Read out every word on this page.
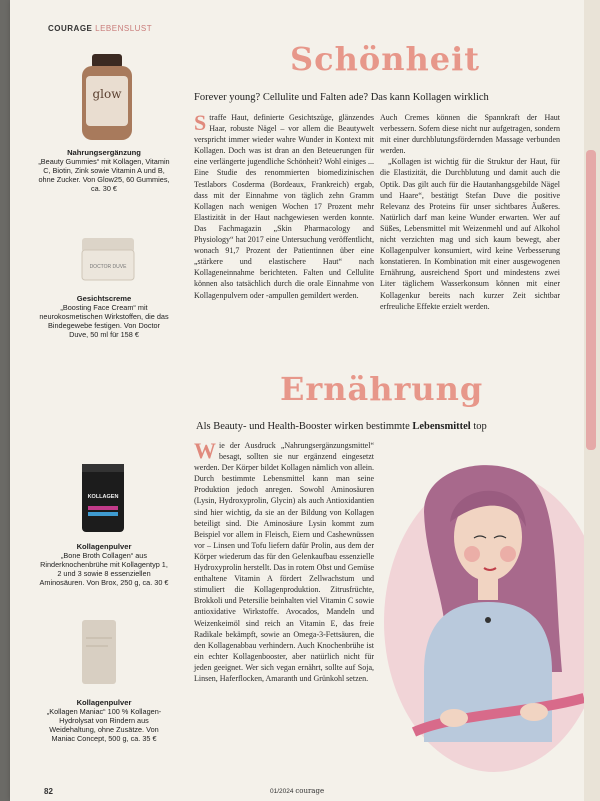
COURAGE LEBENSLUST
Schönheit
Forever young? Cellulite und Falten ade? Das kann Kollagen wirklich
S traffe Haut, definierte Gesichtszüge, glänzendes Haar, robuste Nägel – vor allem die Beautywelt verspricht immer wieder wahre Wunder in Kontext mit Kollagen. Doch was ist dran an den Beteuerungen für eine verlängerte jugendliche Schönheit? Wohl einiges ... Eine Studie des renommierten biomedizinischen Testlabors Cosderma (Bordeaux, Frankreich) ergab, dass mit der Einnahme von täglich zehn Gramm Kollagen nach wenigen Wochen 17 Prozent mehr Elastizität in der Haut nachgewiesen werden konnte. Das Fachmagazin „Skin Pharmacology and Physiology“ hat 2017 eine Untersuchung veröffentlicht, wonach 91,7 Prozent der Patientinnen über eine „stärkere und elastischere Haut“ nach Kollageneinnahme berichteten. Falten und Cellulite können also tatsächlich durch die orale Einnahme von Kollagenpulvern oder -ampullen gemildert werden.
Auch Cremes können die Spannkraft der Haut verbessern. Sofern diese nicht nur aufgetragen, sondern mit einer durchblutungsfördernden Massage verbunden werden.
„Kollagen ist wichtig für die Struktur der Haut, für die Elastizität, die Durchblutung und damit auch die Optik. Das gilt auch für die Hautanhangsgebilde Nägel und Haare“, bestätigt Stefan Duve die positive Relevanz des Proteins für unser sichtbares Äußeres. Natürlich darf man keine Wunder erwarten. Wer auf Süßes, Lebensmittel mit Weizenmehl und auf Alkohol nicht verzichten mag und sich kaum bewegt, aber Kollagenpulver konsumiert, wird keine Verbesserung konstatieren. In Kombination mit einer ausgewogenen Ernährung, ausreichend Sport und mindestens zwei Liter täglichem Wasserkonsum können mit einer Kollagenkur bereits nach kurzer Zeit sichtbar erfreuliche Effekte erzielt werden.
Ernährung
Als Beauty- und Health-Booster wirken bestimmte Lebensmittel top
W ie der Ausdruck „Nahrungsergänzungsmittel“ besagt, sollten sie nur ergänzend eingesetzt werden. Der Körper bildet Kollagen nämlich von allein. Durch bestimmte Lebensmittel kann man seine Produktion jedoch anregen. Sowohl Aminosäuren (Lysin, Hydroxyprolin, Glycin) als auch Antioxidantien sind hier wichtig, da sie an der Bildung von Kollagen beteiligt sind. Die Aminosäure Lysin kommt zum Beispiel vor allem in Fleisch, Eiern und Cashewnüssen vor – Linsen und Tofu liefern dafür Prolin, aus dem der Körper wiederum das für den Gelenkaufbau essenzielle Hydroxyprolin herstellt. Das in rotem Obst und Gemüse enthaltene Vitamin A fördert Zellwachstum und stimuliert die Kollagenproduktion. Zitrusfrüchte, Brokkoli und Petersilie beinhalten viel Vitamin C sowie antioxidative Wirkstoffe. Avocados, Mandeln und Weizenkeimöl sind reich an Vitamin E, das freie Radikale bekämpft, sowie an Omega-3-Fettsäuren, die den Kollagenabbau verhindern. Auch Knochenbrühe ist ein echter Kollagenbooster, aber natürlich nicht für jeden geeignet. Wer sich vegan ernährt, sollte auf Soja, Linsen, Haferflocken, Amaranth und Grünkohl setzen.
glow
Nahrungsergänzung
„Beauty Gummies“ mit Kollagen, Vitamin C, Biotin, Zink sowie Vitamin A und B, ohne Zucker. Von Glow25, 60 Gummies, ca. 30 €
DOCTOR DUVE
Gesichtscreme
„Boosting Face Cream“ mit neurokosmetischen Wirkstoffen, die das Bindegewebe festigen. Von Doctor Duve, 50 ml für 158 €
KOLLAGEN
Kollagenpulver
„Bone Broth Collagen“ aus Rinderknochenbrühe mit Kollagentyp 1, 2 und 3 sowie 8 essenziellen Aminosäuren. Von Brox, 250 g, ca. 30 €
Kollagenpulver
„Kollagen Maniac“ 100 % Kollagen-Hydrolysat von Rindern aus Weidehaltung, ohne Zusätze. Von Maniac Concept, 500 g, ca. 35 €
82	01/2024 courage
